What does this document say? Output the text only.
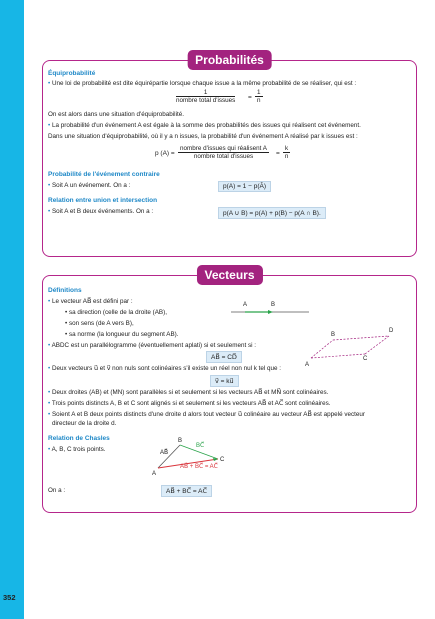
352
Probabilités
Équiprobabilité
• Une loi de probabilité est dite équirépartie lorsque chaque issue a la même probabilité de se réaliser, qui est :
1
nombre total d'issues = $\frac{1}{n}$
On est alors dans une situation d'équiprobabilité.
• La probabilité d'un événement A est égale à la somme des probabilités des issues qui réalisent cet événement.
Dans une situation d'équiprobabilité, où il y a n issues, la probabilité d'un événement A réalisé par k issues est :
p (A) =
nombre d'issues qui réalisent A
nombre total d'issues	= $\frac{k}{n}$
Probabilité de l'événement contraire
• Soit A un événement. On a :	p(A) = 1 − p(Ā)
Relation entre union et intersection
• Soit A et B deux événements. On a :	p(A ∪ B) = p(A) + p(B) − p(A ∩ B).
Vecteurs
Définitions
• Le vecteur AB⃗ est défini par :
• sa direction (celle de la droite (AB),
• son sens (de A vers B),
• sa norme (la longueur du segment AB).
• ABDC est un parallélogramme (éventuellement aplati) si et seulement si :
AB⃗ = CD⃗
• Deux vecteurs u⃗ et v⃗ non nuls sont colinéaires s'il existe un réel non nul k tel que :
v⃗ = ku⃗
• Deux droites (AB) et (MN) sont parallèles si et seulement si les vecteurs AB⃗ et MN⃗ sont colinéaires.
• Trois points distincts A, B et C sont alignés si et seulement si les vecteurs AB⃗ et AC⃗ sont colinéaires.
• Soient A et B deux points distincts d'une droite d alors tout vecteur u⃗ colinéaire au vecteur AB⃗ est appelé vecteur
directeur de la droite d.
Relation de Chasles
• A, B, C trois points.
On a :	AB⃗ + BC⃗ = AC⃗
A	B
B
D
A
C
B
A
C
AB⃗
BC⃗
AB⃗ + BC⃗ = AC⃗
